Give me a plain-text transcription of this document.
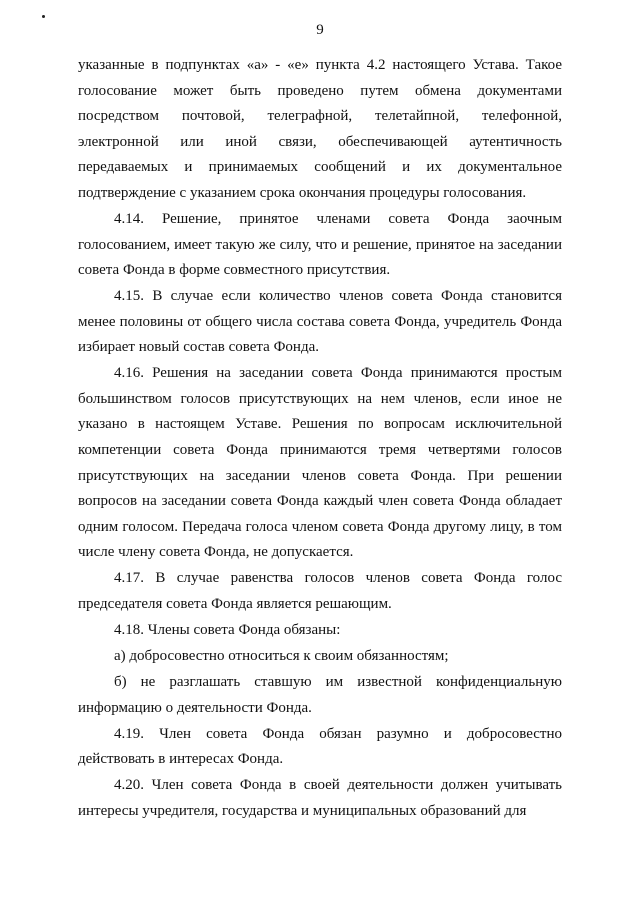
9

указанные в подпунктах «а» - «е» пункта 4.2 настоящего Устава. Такое голосование может быть проведено путем обмена документами посредством почтовой, телеграфной, телетайпной, телефонной, электронной или иной связи, обеспечивающей аутентичность передаваемых и принимаемых сообщений и их документальное подтверждение с указанием срока окончания процедуры голосования.

4.14. Решение, принятое членами совета Фонда заочным голосованием, имеет такую же силу, что и решение, принятое на заседании совета Фонда в форме совместного присутствия.

4.15. В случае если количество членов совета Фонда становится менее половины от общего числа состава совета Фонда, учредитель Фонда избирает новый состав совета Фонда.

4.16. Решения на заседании совета Фонда принимаются простым большинством голосов присутствующих на нем членов, если иное не указано в настоящем Уставе. Решения по вопросам исключительной компетенции совета Фонда принимаются тремя четвертями голосов присутствующих на заседании членов совета Фонда. При решении вопросов на заседании совета Фонда каждый член совета Фонда обладает одним голосом. Передача голоса членом совета Фонда другому лицу, в том числе члену совета Фонда, не допускается.

4.17. В случае равенства голосов членов совета Фонда голос председателя совета Фонда является решающим.

4.18. Члены совета Фонда обязаны:

а) добросовестно относиться к своим обязанностям;

б) не разглашать ставшую им известной конфиденциальную информацию о деятельности Фонда.

4.19. Член совета Фонда обязан разумно и добросовестно действовать в интересах Фонда.

4.20. Член совета Фонда в своей деятельности должен учитывать интересы учредителя, государства и муниципальных образований для
